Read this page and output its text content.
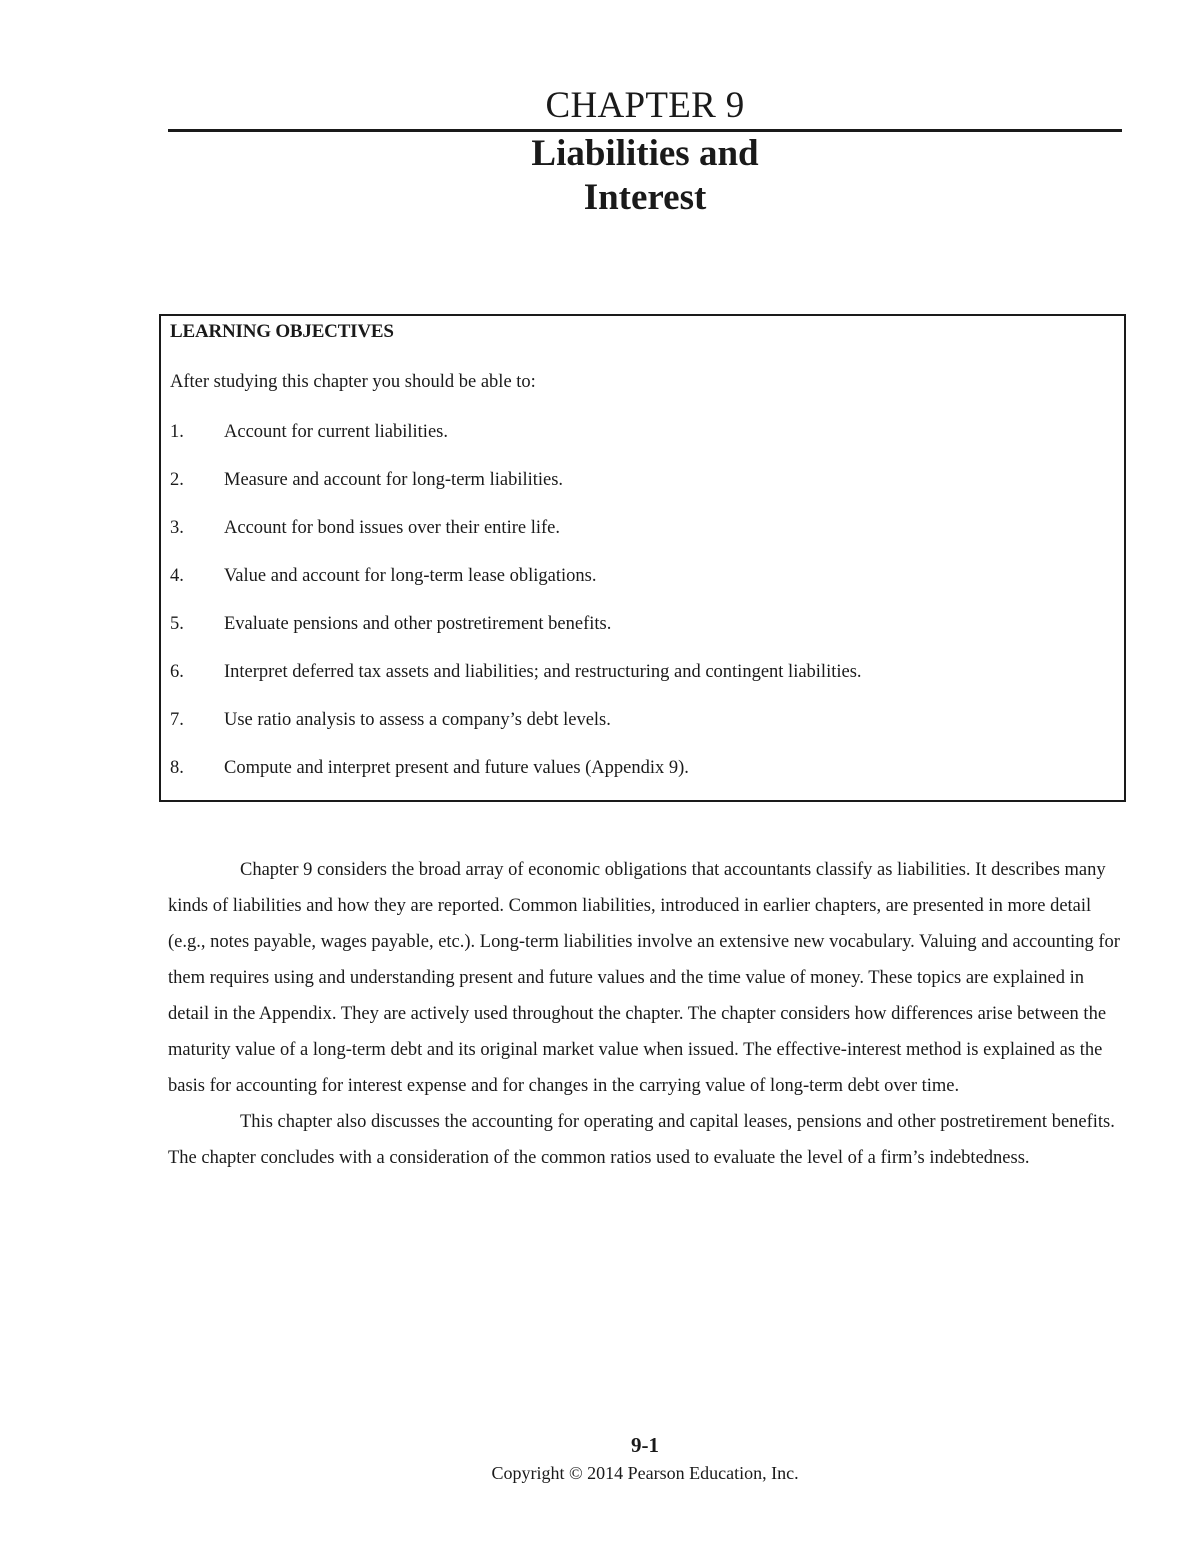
CHAPTER 9
Liabilities and
Interest
LEARNING OBJECTIVES

After studying this chapter you should be able to:

1. Account for current liabilities.
2. Measure and account for long-term liabilities.
3. Account for bond issues over their entire life.
4. Value and account for long-term lease obligations.
5. Evaluate pensions and other postretirement benefits.
6. Interpret deferred tax assets and liabilities; and restructuring and contingent liabilities.
7. Use ratio analysis to assess a company’s debt levels.
8. Compute and interpret present and future values (Appendix 9).

Chapter 9 considers the broad array of economic obligations that accountants classify as liabilities. It describes many kinds of liabilities and how they are reported. Common liabilities, introduced in earlier chapters, are presented in more detail (e.g., notes payable, wages payable, etc.). Long-term liabilities involve an extensive new vocabulary. Valuing and accounting for them requires using and understanding present and future values and the time value of money. These topics are explained in detail in the Appendix. They are actively used throughout the chapter. The chapter considers how differences arise between the maturity value of a long-term debt and its original market value when issued. The effective-interest method is explained as the basis for accounting for interest expense and for changes in the carrying value of long-term debt over time.

This chapter also discusses the accounting for operating and capital leases, pensions and other postretirement benefits. The chapter concludes with a consideration of the common ratios used to evaluate the level of a firm’s indebtedness.

9-1
Copyright © 2014 Pearson Education, Inc.
